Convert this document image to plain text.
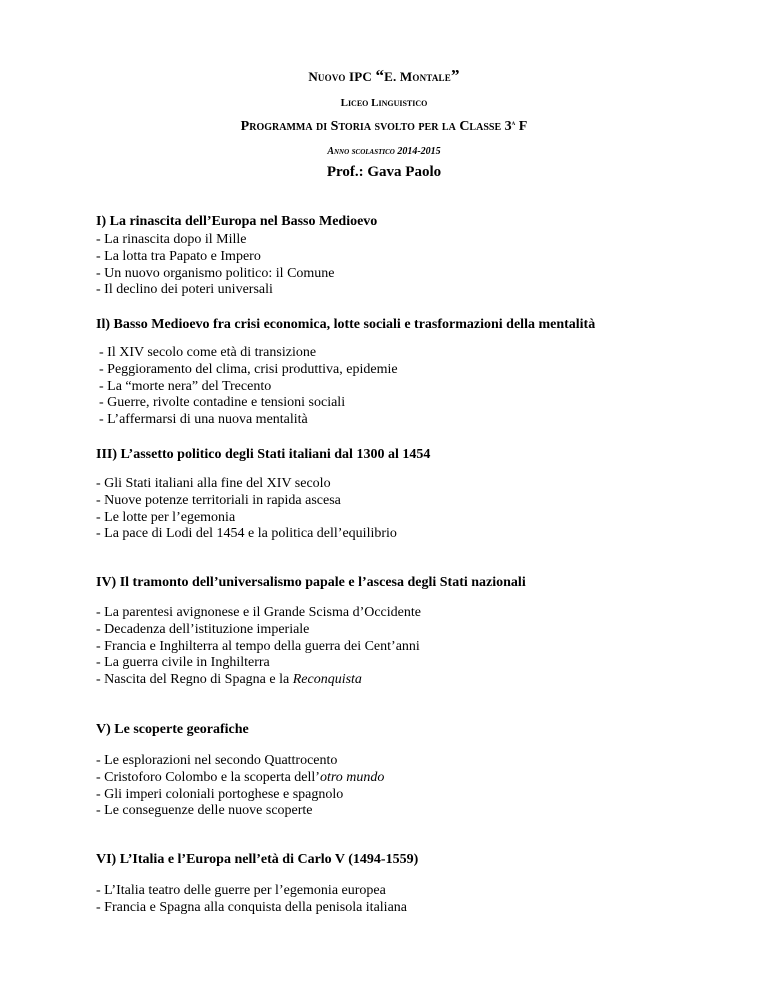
Nuovo IPC “E. Montale”
Liceo Linguistico
Programma di Storia svolto per la Classe 3$^a$ F
Anno scolastico 2014-2015
Prof.: Gava Paolo
I) La rinascita dell’Europa nel Basso Medioevo
- La rinascita dopo il Mille
- La lotta tra Papato e Impero
- Un nuovo organismo politico: il Comune
- Il declino dei poteri universali
Il) Basso Medioevo fra crisi economica, lotte sociali e trasformazioni della mentalità
- Il XIV secolo come età di transizione
- Peggioramento del clima, crisi produttiva, epidemie
- La “morte nera” del Trecento
- Guerre, rivolte contadine e tensioni sociali
- L’affermarsi di una nuova mentalità
III) L’assetto politico degli Stati italiani dal 1300 al 1454
- Gli Stati italiani alla fine del XIV secolo
- Nuove potenze territoriali in rapida ascesa
- Le lotte per l’egemonia
- La pace di Lodi del 1454 e la politica dell’equilibrio
IV) Il tramonto dell’universalismo papale e l’ascesa degli Stati nazionali
- La parentesi avignonese e il Grande Scisma d’Occidente
- Decadenza dell’istituzione imperiale
- Francia e Inghilterra al tempo della guerra dei Cent’anni
- La guerra civile in Inghilterra
- Nascita del Regno di Spagna e la Reconquista
V) Le scoperte georafiche
- Le esplorazioni nel secondo Quattrocento
- Cristoforo Colombo e la scoperta dell’otro mundo
- Gli imperi coloniali portoghese e spagnolo
- Le conseguenze delle nuove scoperte
VI) L’Italia e l’Europa nell’età di Carlo V (1494-1559)
- L’Italia teatro delle guerre per l’egemonia europea
- Francia e Spagna alla conquista della penisola italiana
